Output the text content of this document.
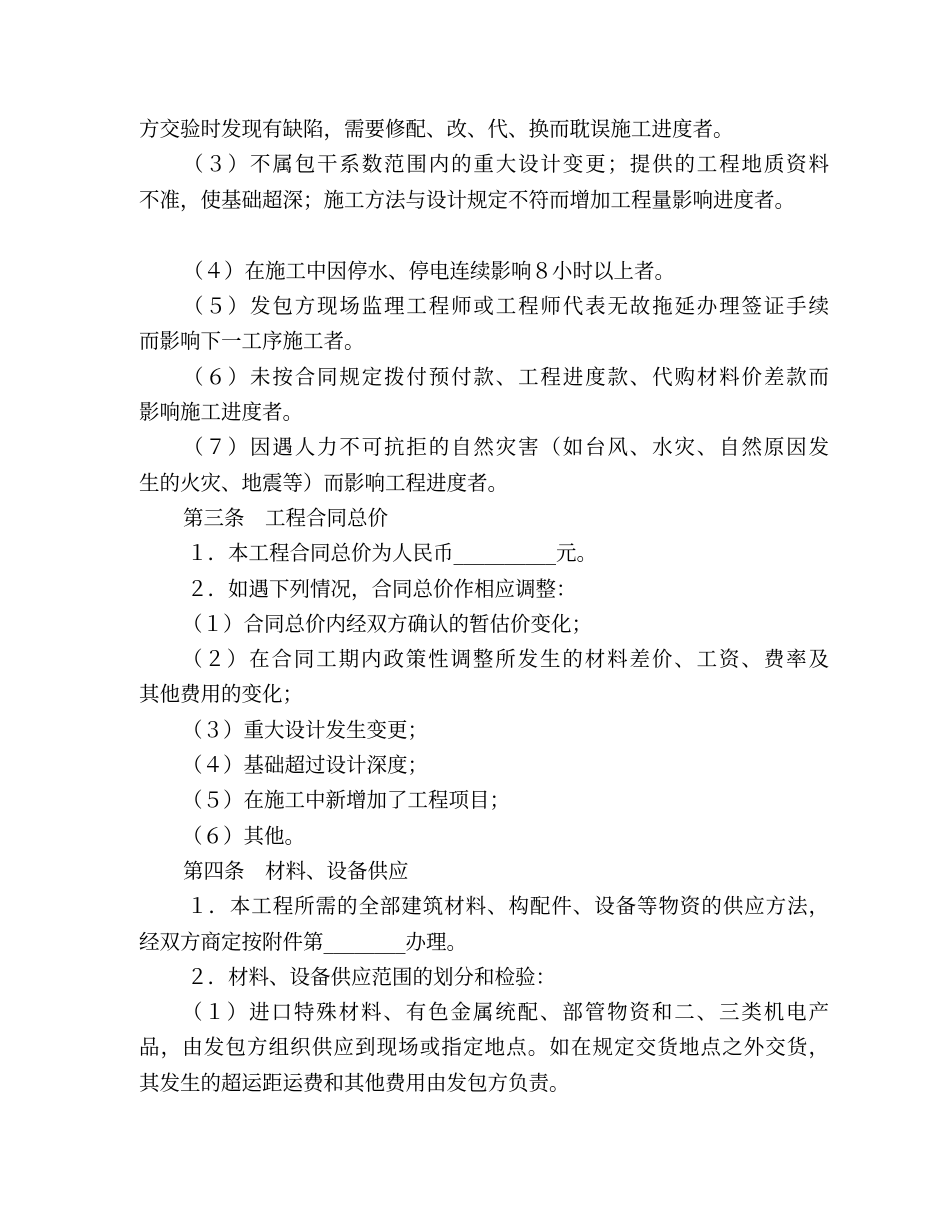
方交验时发现有缺陷，需要修配、改、代、换而耽误施工进度者。
（３）不属包干系数范围内的重大设计变更；提供的工程地质资料
不准，使基础超深；施工方法与设计规定不符而增加工程量影响进度者。
（４）在施工中因停水、停电连续影响８小时以上者。
（５）发包方现场监理工程师或工程师代表无故拖延办理签证手续
而影响下一工序施工者。
（６）未按合同规定拨付预付款、工程进度款、代购材料价差款而
影响施工进度者。
（７）因遇人力不可抗拒的自然灾害（如台风、水灾、自然原因发
生的火灾、地震等）而影响工程进度者。
第三条　工程合同总价
１．本工程合同总价为人民币__________元。
２．如遇下列情况，合同总价作相应调整：
（１）合同总价内经双方确认的暂估价变化；
（２）在合同工期内政策性调整所发生的材料差价、工资、费率及
其他费用的变化；
（３）重大设计发生变更；
（４）基础超过设计深度；
（５）在施工中新增加了工程项目；
（６）其他。
第四条　材料、设备供应
１．本工程所需的全部建筑材料、构配件、设备等物资的供应方法，
经双方商定按附件第________办理。
２．材料、设备供应范围的划分和检验：
（１）进口特殊材料、有色金属统配、部管物资和二、三类机电产
品，由发包方组织供应到现场或指定地点。如在规定交货地点之外交货，
其发生的超运距运费和其他费用由发包方负责。
